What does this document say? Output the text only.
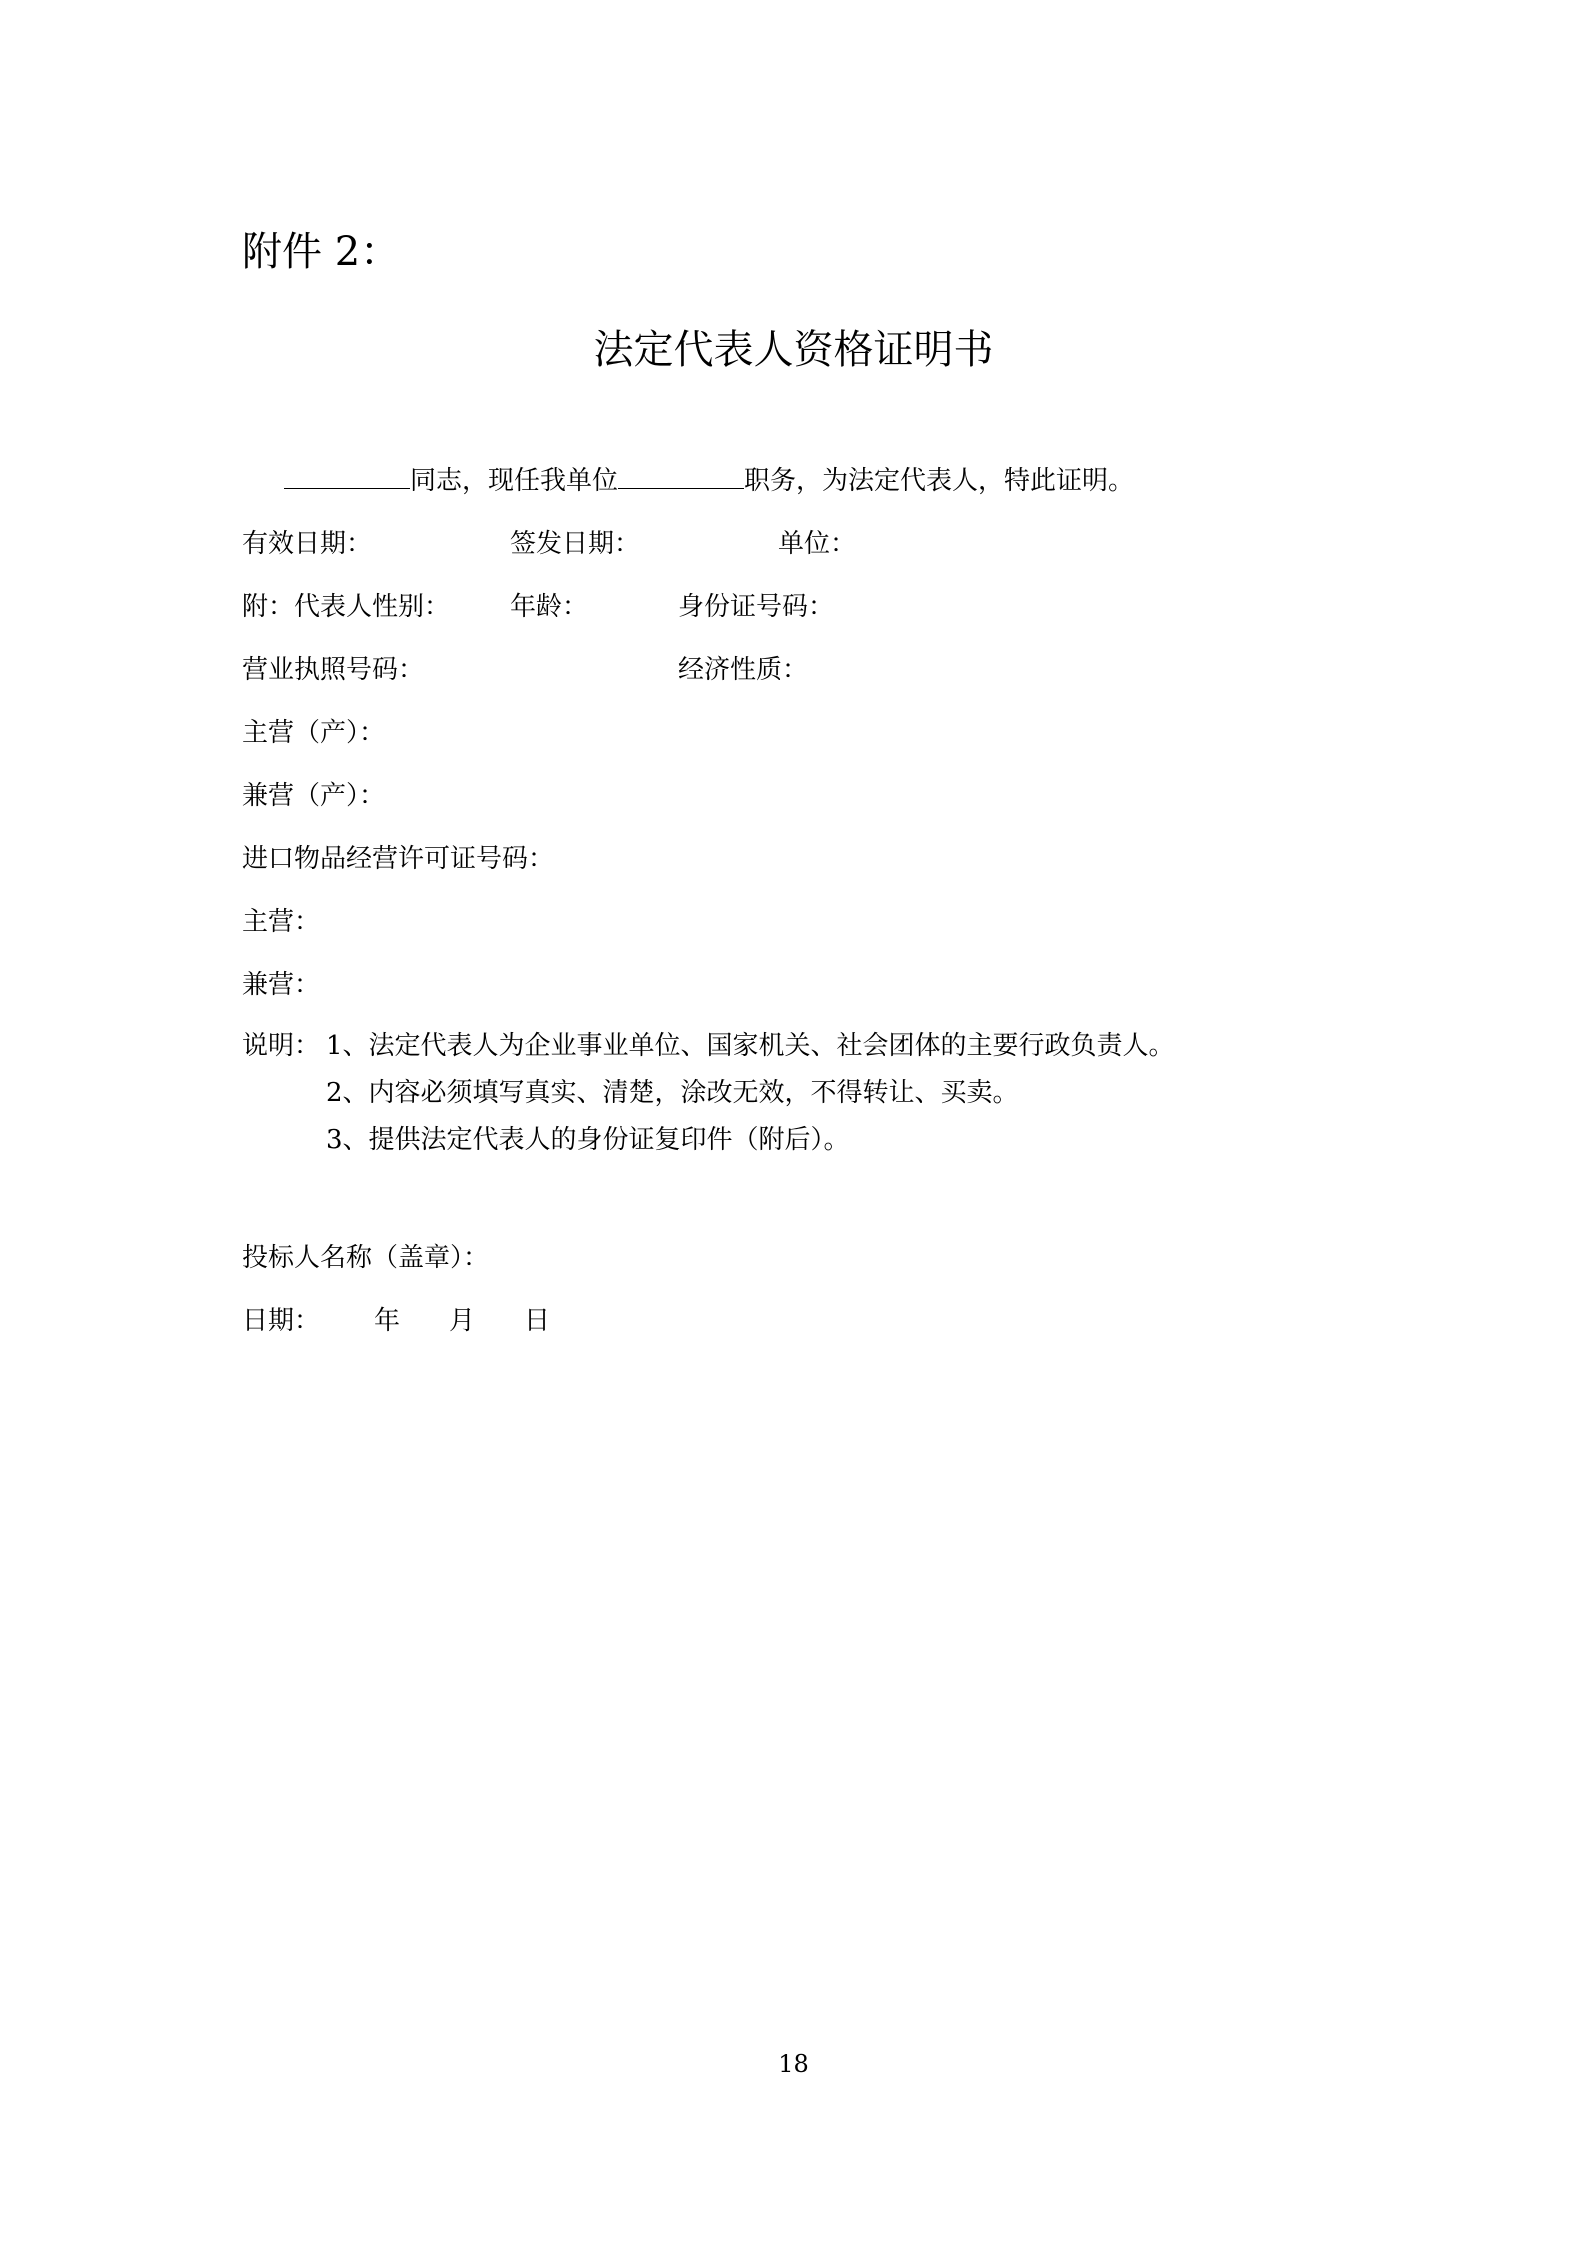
附件 2：
法定代表人资格证明书
同志，现任我单位	职务，为法定代表人，特此证明。
有效日期：	签发日期：	单位：
附：代表人性别： 年龄：	身份证号码：
营业执照号码：	经济性质：
主营（产）：
兼营（产）：
进口物品经营许可证号码：
主营：
兼营：
说明： 1、法定代表人为企业事业单位、国家机关、社会团体的主要行政负责人。
2、内容必须填写真实、清楚，涂改无效，不得转让、买卖。
3、提供法定代表人的身份证复印件（附后）。
投标人名称（盖章）：
日期： 年 月 日
18
